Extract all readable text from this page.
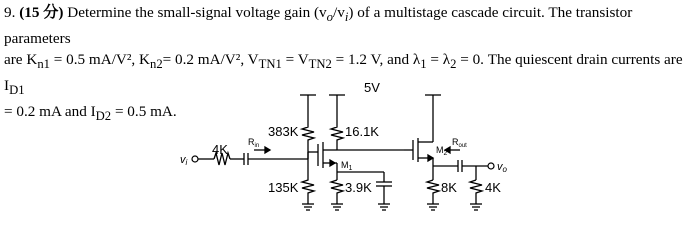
9. (15 分) Determine the small-signal voltage gain $(v_o/v_i)$ of a multistage cascade circuit. The transistor parameters
are $K_{n1} = 0.5$ mA/V², $K_{n2}= 0.2$ mA/V², $V_{TN1} = V_{TN2} = 1.2$ V, and $\lambda_1 = \lambda_2 = 0$. The quiescent drain currents are $I_{D1}$
= 0.2 mA and $I_{D2} = 0.5$ mA.
5V
383K	16.1K
135K	3.9K	8K 4K
4K
$M_1$
$M_2$
$R_{in}$	$R_{out}$
vi	vo
